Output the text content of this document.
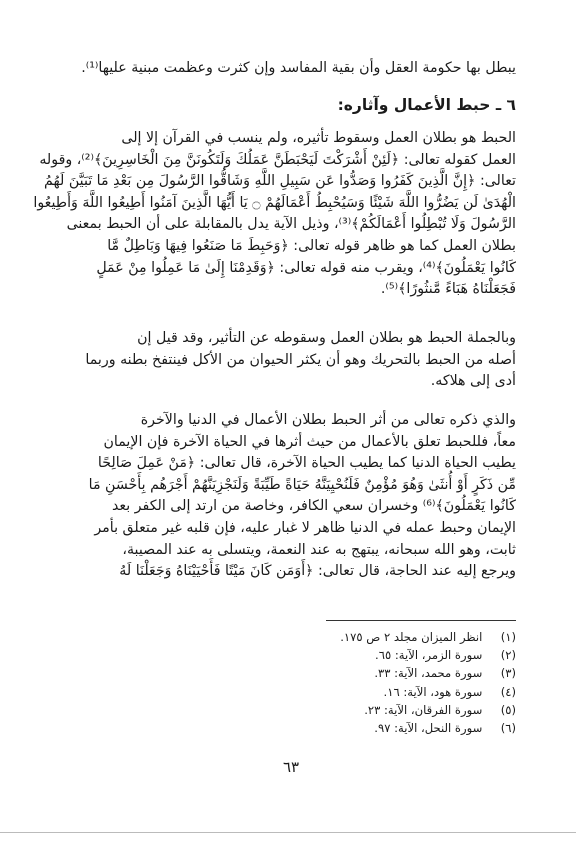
يبطل بها حكومة العقل وأن بقية المفاسد وإن كثرت وعظمت مبنية عليها⁽¹⁾.
٦ ـ حبط الأعمال وآثاره:
الحبط هو بطلان العمل وسقوط تأثيره، ولم ينسب في القرآن إلا إلى
العمل كقوله تعالى: ﴿لَئِنْ أَشْرَكْتَ لَيَحْبَطَنَّ عَمَلُكَ وَلَتَكُونَنَّ مِنَ الْخَاسِرِينَ﴾⁽²⁾، وقوله
تعالى: ﴿إِنَّ الَّذِينَ كَفَرُوا وَصَدُّوا عَن سَبِيلِ اللَّهِ وَشَاقُّوا الرَّسُولَ مِن بَعْدِ مَا تَبَيَّنَ لَهُمُ
الْهُدَىٰ لَن يَضُرُّوا اللَّهَ شَيْئًا وَسَيُحْبِطُ أَعْمَالَهُمْ ۝ يَا أَيُّهَا الَّذِينَ آمَنُوا أَطِيعُوا اللَّهَ وَأَطِيعُوا
الرَّسُولَ وَلَا تُبْطِلُوا أَعْمَالَكُمْ﴾⁽³⁾، وذيل الآية يدل بالمقابلة على أن الحبط بمعنى
بطلان العمل كما هو ظاهر قوله تعالى: ﴿وَحَبِطَ مَا صَنَعُوا فِيهَا وَبَاطِلٌ مَّا
كَانُوا يَعْمَلُونَ﴾⁽⁴⁾، ويقرب منه قوله تعالى: ﴿وَقَدِمْنَا إِلَىٰ مَا عَمِلُوا مِنْ عَمَلٍ
فَجَعَلْنَاهُ هَبَاءً مَّنثُورًا﴾⁽⁵⁾.
وبالجملة الحبط هو بطلان العمل وسقوطه عن التأثير، وقد قيل إن
أصله من الحبط بالتحريك وهو أن يكثر الحيوان من الأكل فينتفخ بطنه وربما
أدى إلى هلاكه.
والذي ذكره تعالى من أثر الحبط بطلان الأعمال في الدنيا والآخرة
معاً، فللحبط تعلق بالأعمال من حيث أثرها في الحياة الآخرة فإن الإيمان
يطيب الحياة الدنيا كما يطيب الحياة الآخرة، قال تعالى: ﴿مَنْ عَمِلَ صَالِحًا
مِّن ذَكَرٍ أَوْ أُنثَىٰ وَهُوَ مُؤْمِنٌ فَلَنُحْيِيَنَّهُ حَيَاةً طَيِّبَةً وَلَنَجْزِيَنَّهُمْ أَجْرَهُم بِأَحْسَنِ مَا
كَانُوا يَعْمَلُونَ﴾⁽⁶⁾ وخسران سعي الكافر، وخاصة من ارتد إلى الكفر بعد
الإيمان وحبط عمله في الدنيا ظاهر لا غبار عليه، فإن قلبه غير متعلق بأمر
ثابت، وهو الله سبحانه، يبتهج به عند النعمة، ويتسلى به عند المصيبة،
ويرجع إليه عند الحاجة، قال تعالى: ﴿أَوَمَن كَانَ مَيْتًا فَأَحْيَيْنَاهُ وَجَعَلْنَا لَهُ
(١) انظر الميزان مجلد ٢ ص ١٧٥.
(٢) سورة الزمر، الآية: ٦٥.
(٣) سورة محمد، الآية: ٣٣.
(٤) سورة هود، الآية: ١٦.
(٥) سورة الفرقان، الآية: ٢٣.
(٦) سورة النحل، الآية: ٩٧.
٦٣
